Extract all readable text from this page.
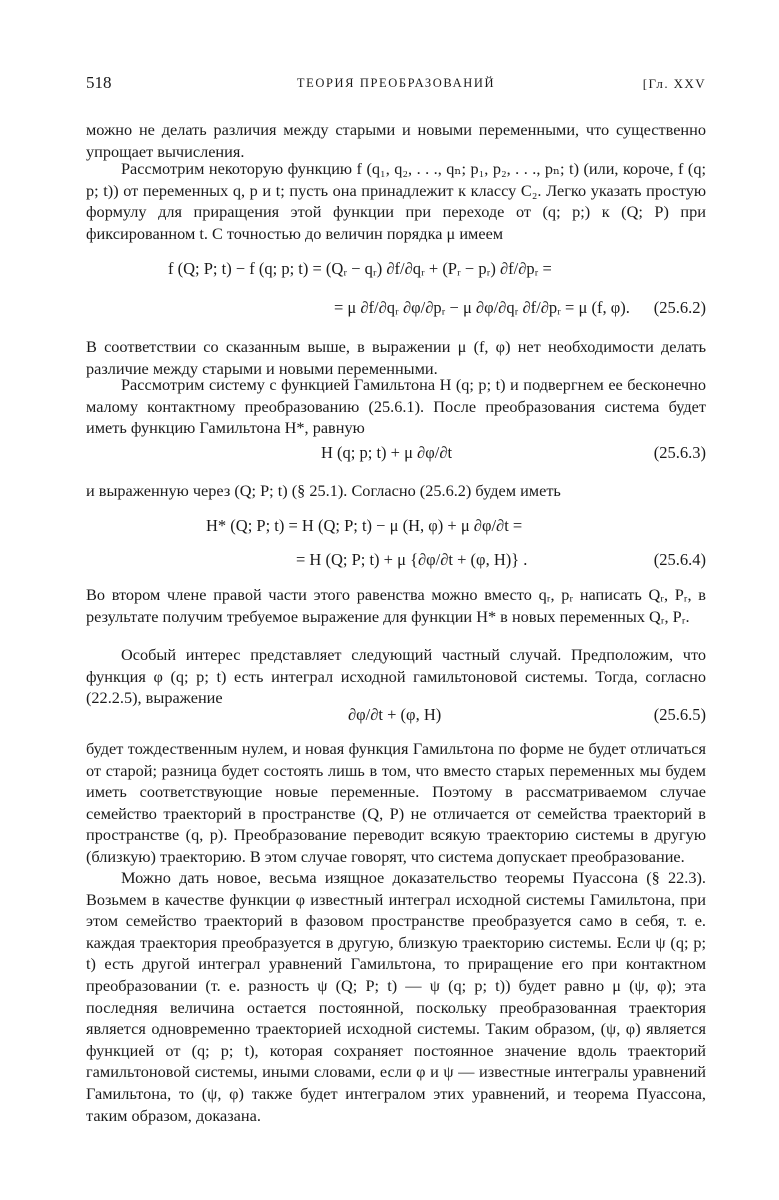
518	ТЕОРИЯ ПРЕОБРАЗОВАНИЙ	[Гл. XXV

можно не делать различия между старыми и новыми переменными, что существенно упрощает вычисления.

Рассмотрим некоторую функцию f (q₁, q₂, . . ., qₙ; p₁, p₂, . . ., pₙ; t) (или, короче, f (q; p; t)) от переменных q, p и t; пусть она принадлежит к классу C₂. Легко указать простую формулу для приращения этой функции при переходе от (q; p;) к (Q; P) при фиксированном t. С точностью до величин порядка μ имеем

f (Q; P; t) − f (q; p; t) = (Qᵣ − qᵣ) ∂f/∂qᵣ + (Pᵣ − pᵣ) ∂f/∂pᵣ =
= μ ∂f/∂qᵣ ∂φ/∂pᵣ − μ ∂φ/∂qᵣ ∂f/∂pᵣ = μ (f, φ). (25.6.2)

В соответствии со сказанным выше, в выражении μ (f, φ) нет необходимости делать различие между старыми и новыми переменными.

Рассмотрим систему с функцией Гамильтона H (q; p; t) и подвергнем ее бесконечно малому контактному преобразованию (25.6.1). После преобразования система будет иметь функцию Гамильтона H*, равную

H (q; p; t) + μ ∂φ/∂t	(25.6.3)

и выраженную через (Q; P; t) (§ 25.1). Согласно (25.6.2) будем иметь

H* (Q; P; t) = H (Q; P; t) − μ (H, φ) + μ ∂φ/∂t =
= H (Q; P; t) + μ {∂φ/∂t + (φ, H)} .	(25.6.4)

Во втором члене правой части этого равенства можно вместо qᵣ, pᵣ написать Qᵣ, Pᵣ, в результате получим требуемое выражение для функции H* в новых переменных Qᵣ, Pᵣ.

Особый интерес представляет следующий частный случай. Предположим, что функция φ (q; p; t) есть интеграл исходной гамильтоновой системы. Тогда, согласно (22.2.5), выражение

∂φ/∂t + (φ, H)	(25.6.5)

будет тождественным нулем, и новая функция Гамильтона по форме не будет отличаться от старой; разница будет состоять лишь в том, что вместо старых переменных мы будем иметь соответствующие новые переменные. Поэтому в рассматриваемом случае семейство траекторий в пространстве (Q, P) не отличается от семейства траекторий в пространстве (q, p). Преобразование переводит всякую траекторию системы в другую (близкую) траекторию. В этом случае говорят, что система допускает преобразование.

Можно дать новое, весьма изящное доказательство теоремы Пуассона (§ 22.3). Возьмем в качестве функции φ известный интеграл исходной системы Гамильтона, при этом семейство траекторий в фазовом пространстве преобразуется само в себя, т. е. каждая траектория преобразуется в другую, близкую траекторию системы. Если ψ (q; p; t) есть другой интеграл уравнений Гамильтона, то приращение его при контактном преобразовании (т. е. разность ψ (Q; P; t) — ψ (q; p; t)) будет равно μ (ψ, φ); эта последняя величина остается постоянной, поскольку преобразованная траектория является одновременно траекторией исходной системы. Таким образом, (ψ, φ) является функцией от (q; p; t), которая сохраняет постоянное значение вдоль траекторий гамильтоновой системы, иными словами, если φ и ψ — известные интегралы уравнений Гамильтона, то (ψ, φ) также будет интегралом этих уравнений, и теорема Пуассона, таким образом, доказана.
